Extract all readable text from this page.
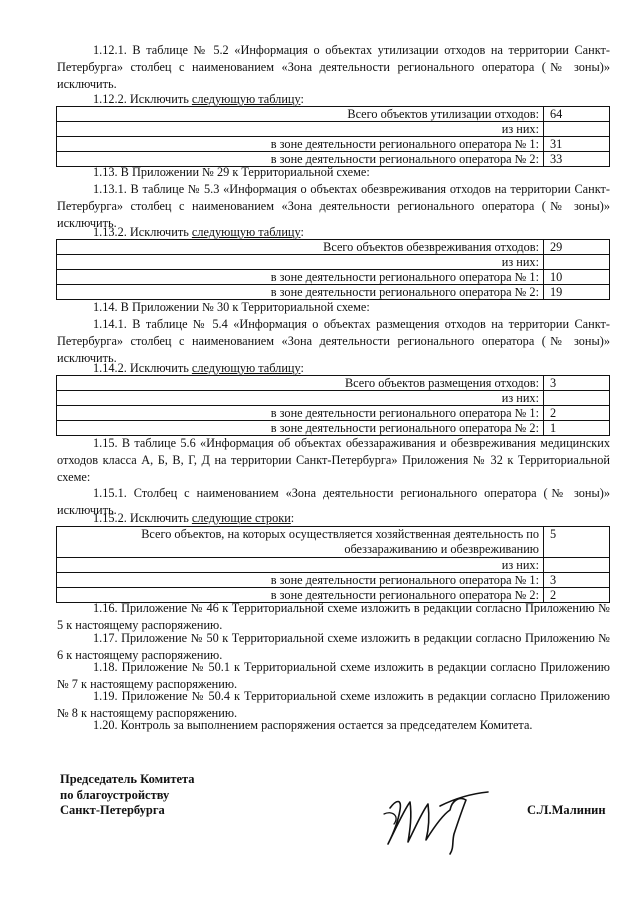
1.12.1. В таблице № 5.2 «Информация о объектах утилизации отходов на территории Санкт-Петербурга» столбец с наименованием «Зона деятельности регионального оператора (№ зоны)» исключить.

1.12.2. Исключить следующую таблицу:
Всего объектов утилизации отходов:	64
из них:	
в зоне деятельности регионального оператора № 1:	31
в зоне деятельности регионального оператора № 2:	33
1.13. В Приложении № 29 к Территориальной схеме:

1.13.1. В таблице № 5.3 «Информация о объектах обезвреживания отходов на территории Санкт-Петербурга» столбец с наименованием «Зона деятельности регионального оператора (№ зоны)» исключить.

1.13.2. Исключить следующую таблицу:
Всего объектов обезвреживания отходов:	29
из них:	
в зоне деятельности регионального оператора № 1:	10
в зоне деятельности регионального оператора № 2:	19
1.14. В Приложении № 30 к Территориальной схеме:

1.14.1. В таблице № 5.4 «Информация о объектах размещения отходов на территории Санкт-Петербурга» столбец с наименованием «Зона деятельности регионального оператора (№ зоны)» исключить.

1.14.2. Исключить следующую таблицу:
Всего объектов размещения отходов:	3
из них:	
в зоне деятельности регионального оператора № 1:	2
в зоне деятельности регионального оператора № 2:	1

1.15. В таблице 5.6 «Информация об объектах обеззараживания и обезвреживания медицинских отходов класса А, Б, В, Г, Д на территории Санкт-Петербурга» Приложения № 32 к Территориальной схеме:

1.15.1. Столбец с наименованием «Зона деятельности регионального оператора (№ зоны)» исключить.

1.15.2. Исключить следующие строки:
Всего объектов, на которых осуществляется хозяйственная деятельность по обеззараживанию и обезвреживанию	5
из них:	
в зоне деятельности регионального оператора № 1:	3
в зоне деятельности регионального оператора № 2:	2

1.16. Приложение № 46 к Территориальной схеме изложить в редакции согласно Приложению № 5 к настоящему распоряжению.

1.17. Приложение № 50 к Территориальной схеме изложить в редакции согласно Приложению № 6 к настоящему распоряжению.

1.18. Приложение № 50.1 к Территориальной схеме изложить в редакции согласно Приложению № 7 к настоящему распоряжению.

1.19. Приложение № 50.4 к Территориальной схеме изложить в редакции согласно Приложению № 8 к настоящему распоряжению.

1.20. Контроль за выполнением распоряжения остается за председателем Комитета.
Председатель Комитета
по благоустройству
Санкт-Петербурга	С.Л.Малинин
